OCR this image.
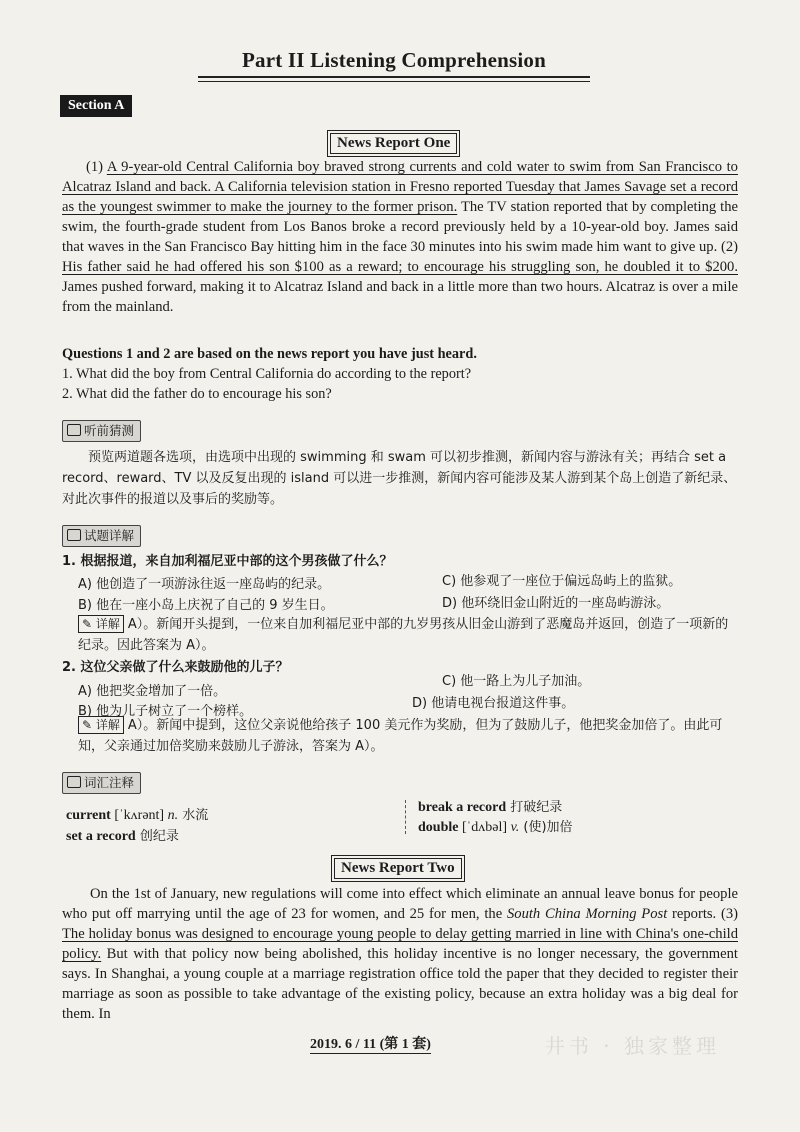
Part II Listening Comprehension
Section A
News Report One
(1) A 9-year-old Central California boy braved strong currents and cold water to swim from San Francisco to Alcatraz Island and back. A California television station in Fresno reported Tuesday that James Savage set a record as the youngest swimmer to make the journey to the former prison. The TV station reported that by completing the swim, the fourth-grade student from Los Banos broke a record previously held by a 10-year-old boy. James said that waves in the San Francisco Bay hitting him in the face 30 minutes into his swim made him want to give up. (2) His father said he had offered his son $100 as a reward; to encourage his struggling son, he doubled it to $200. James pushed forward, making it to Alcatraz Island and back in a little more than two hours. Alcatraz is over a mile from the mainland.
Questions 1 and 2 are based on the news report you have just heard.
1. What did the boy from Central California do according to the report?
2. What did the father do to encourage his son?
听前猜测
预览两道题各选项，由选项中出现的 swimming 和 swam 可以初步推测，新闻内容与游泳有关；再结合 set a record、reward、TV 以及反复出现的 island 可以进一步推测，新闻内容可能涉及某人游到某个岛上创造了新纪录、对此次事件的报道以及事后的奖励等。
试题详解
1. 根据报道，来自加利福尼亚中部的这个男孩做了什么？
A) 他创造了一项游泳往返一座岛屿的纪录。	C) 他参观了一座位于偏远岛屿上的监狱。
B) 他在一座小岛上庆祝了自己的 9 岁生日。	D) 他环绕旧金山附近的一座岛屿游泳。
✎ 详解 A）。新闻开头提到，一位来自加利福尼亚中部的九岁男孩从旧金山游到了恶魔岛并返回，创造了一项新的纪录。因此答案为 A）。
2. 这位父亲做了什么来鼓励他的儿子？
A) 他把奖金增加了一倍。
C) 他一路上为儿子加油。
B) 他为儿子树立了一个榜样。
D) 他请电视台报道这件事。
✎ 详解 A）。新闻中提到，这位父亲说他给孩子 100 美元作为奖励，但为了鼓励儿子，他把奖金加倍了。由此可知，父亲通过加倍奖励来鼓励儿子游泳，答案为 A）。
词汇注释
current [ˈkʌrənt] n. 水流
set a record 创纪录
break a record 打破纪录
double [ˈdʌbəl] v. (使)加倍
News Report Two
On the 1st of January, new regulations will come into effect which eliminate an annual leave bonus for people who put off marrying until the age of 23 for women, and 25 for men, the South China Morning Post reports. (3) The holiday bonus was designed to encourage young people to delay getting married in line with China's one-child policy. But with that policy now being abolished, this holiday incentive is no longer necessary, the government says. In Shanghai, a young couple at a marriage registration office told the paper that they decided to register their marriage as soon as possible to take advantage of the existing policy, because an extra holiday was a big deal for them. In
2019. 6 / 11 (第 1 套)	井书 · 独家整理
